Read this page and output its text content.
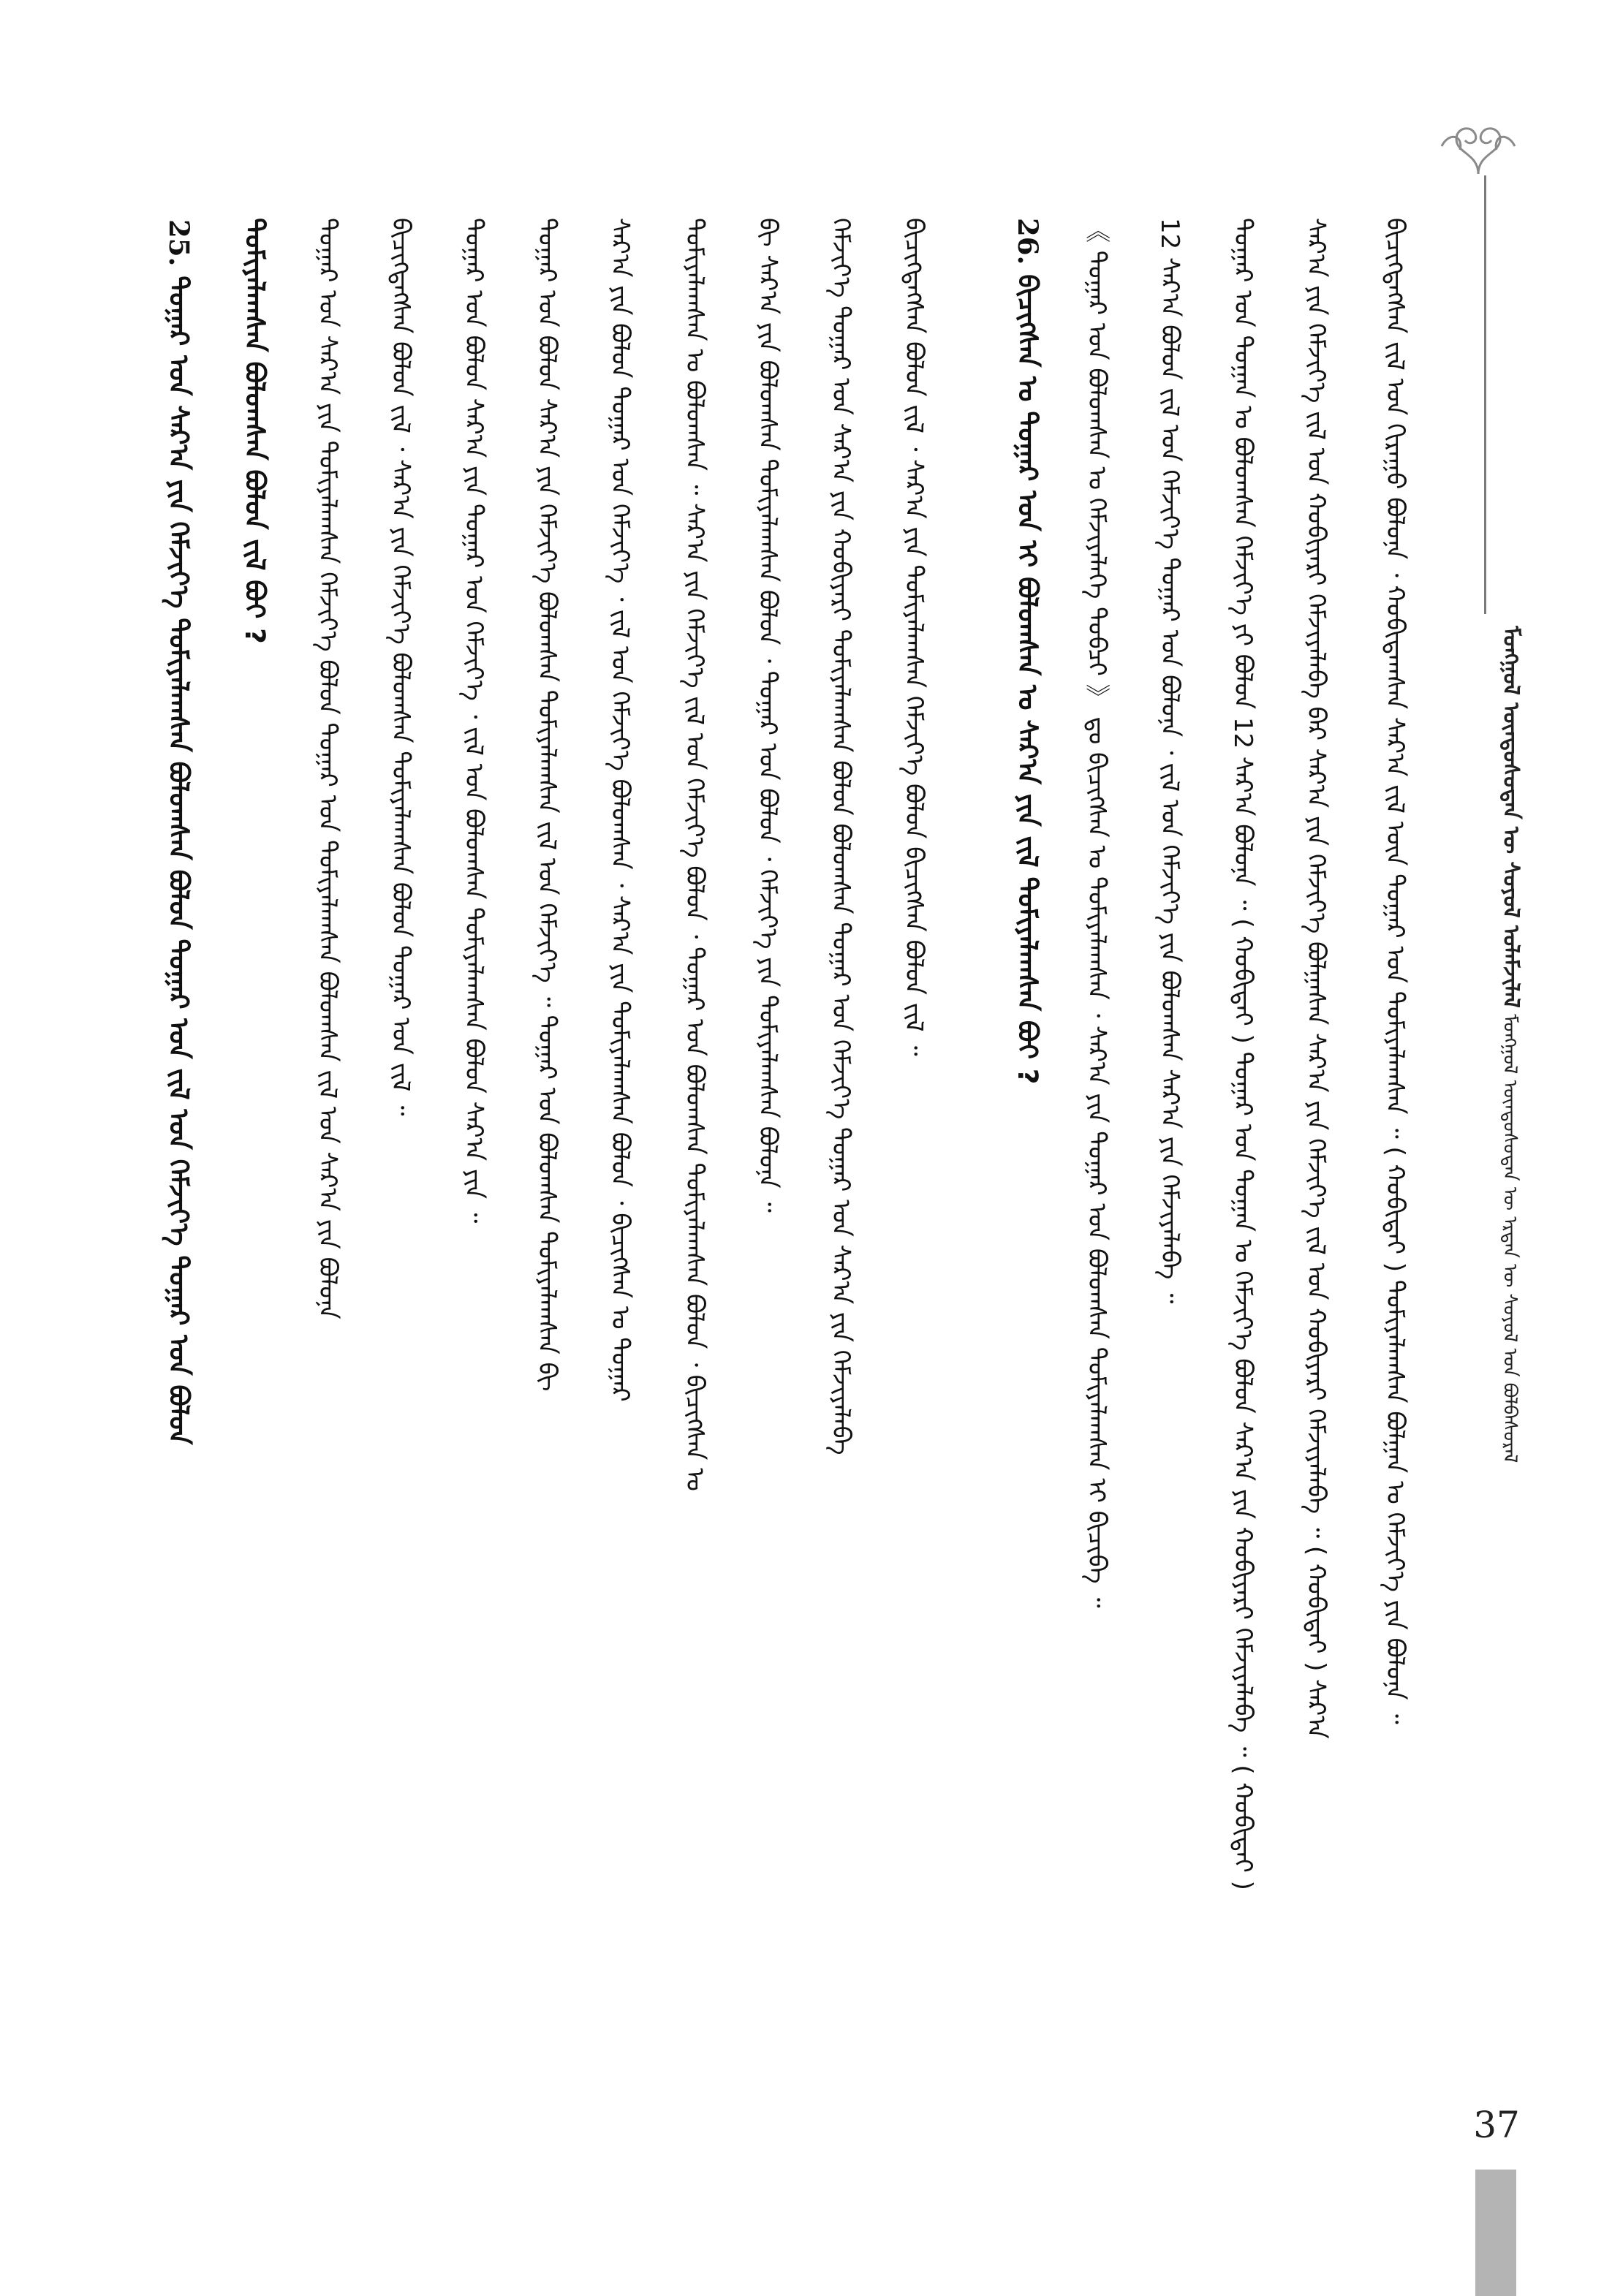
ᠮᠣᠩᠭᠣᠯ ᠦᠨᠳᠦᠰᠦᠲᠡᠨ ᠦ ᠰᠣᠶᠣᠯ ᠤᠯᠠᠮᠵᠢᠯᠠᠯ ᠮᠣᠩᠭᠣᠯ ᠦᠨᠳᠦᠰᠦᠲᠡᠨ ᠦ ᠡᠷᠲᠡᠨ ᠦ ᠰᠣᠶᠣᠯ ᠤᠨ ᠪᠣᠯᠪᠠᠰᠤᠷᠠᠯ
ᠪᠢᠴᠢᠭᠳᠡᠭᠰᠡᠨ ᠵᠢᠯ ᠤᠨ ᠬᠢᠷᠠᠭᠤ ᠪᠣᠯᠤᠨᠠ ᠂ ᠬᠣᠪᠢᠲᠠᠭᠰᠠᠨ ᠰᠠᠷ᠎ᠠ ᠵᠢᠯ ᠦᠨ ᠲᠤᠭᠠᠷ ᠤᠨ ᠲᠣᠮᠢᠶᠠᠯᠠᠭᠰᠠᠨ ᠃ ( ᠬᠣᠪᠢᠲᠠᠢ ) ᠲᠣᠮᠢᠶᠠᠯᠠᠭᠰᠠᠨ ᠪᠣᠯᠭᠠᠨ ᠤ ᠬᠡᠮᠵᠢᠶ᠎ᠡ ᠶᠢᠨ ᠪᠣᠯᠤᠨᠠ ᠃
ᠰᠠᠷ᠎ᠠ ᠶᠢᠨ ᠬᠡᠮᠵᠢᠶ᠎ᠡ ᠵᠢᠯ ᠤᠨ ᠬᠤᠪᠢᠶᠠᠷᠢ ᠬᠡᠮᠵᠢᠶᠡᠯᠡᠪᠡ ᠪᠠᠷ ᠰᠠᠷ᠎ᠠ ᠶᠢᠨ ᠬᠡᠮᠵᠢᠶ᠎ᠡ ᠪᠣᠯᠭᠠᠰᠠᠨ ᠰᠠᠷ᠎ᠠ ᠶᠢᠨ ᠬᠡᠮᠵᠢᠶ᠎ᠡ ᠵᠢᠯ ᠤᠨ ᠬᠤᠪᠢᠶᠠᠷᠢ ᠬᠡᠮᠵᠢᠶᠡᠯᠡᠪᠡ ᠃ ( ᠬᠣᠪᠢᠲᠠᠢ ) ᠰᠠᠷ᠎ᠠ
ᠲᠤᠭᠠᠷ ᠤᠨ ᠲᠣᠭᠠᠨ ᠤ ᠪᠣᠯᠤᠭᠰᠠᠨ ᠬᠡᠮᠵᠢᠶ᠎ᠡ ᠶᠢ ᠪᠣᠯᠤᠨ 12 ᠰᠠᠷ᠎ᠠ ᠪᠣᠯᠤᠨᠠ ᠃ ( ᠬᠣᠪᠢᠲᠠᠢ ) ᠲᠤᠭᠠᠷ ᠤᠨ ᠲᠣᠭᠠᠨ ᠤ ᠬᠡᠮᠵᠢᠶ᠎ᠡ ᠪᠣᠯᠤᠨ ᠰᠠᠷ᠎ᠠ ᠶᠢᠨ ᠬᠤᠪᠢᠶᠠᠷᠢ ᠬᠡᠮᠵᠢᠶᠡᠯᠡᠪᠡ ᠃ ( ᠬᠣᠪᠢᠲᠠᠢ )
12 ᠰᠠᠷ᠎ᠠ ᠪᠣᠯᠤᠨ ᠵᠢᠯ ᠤᠨ ᠬᠡᠮᠵᠢᠶ᠎ᠡ ᠲᠤᠭᠠᠷ ᠤᠨ ᠪᠣᠯᠤᠨᠠ ᠂ ᠵᠢᠯ ᠤᠨ ᠬᠡᠮᠵᠢᠶ᠎ᠡ ᠶᠢᠨ ᠪᠣᠯᠤᠭᠰᠠᠨ ᠰᠠᠷ᠎ᠠ ᠶᠢᠨ ᠬᠡᠮᠵᠢᠶᠡᠯᠡᠪᠡ ᠃
《 ᠲᠤᠭᠠᠷ ᠤᠨ ᠪᠣᠯᠤᠭᠰᠠᠨ ᠤ ᠬᠡᠮᠵᠢᠶᠡᠯᠡᠭᠡ ᠲᠣᠪᠴᠢ 》 ᠳᠤ ᠪᠢᠴᠢᠭᠰᠡᠨ ᠤ ᠲᠣᠮᠢᠶᠠᠯᠠᠭᠰᠠᠨ ᠂ ᠰᠠᠷ᠎ᠠ ᠶᠢᠨ ᠲᠤᠭᠠᠷ ᠤᠨ ᠪᠣᠯᠤᠭᠰᠠᠨ ᠲᠣᠮᠢᠶᠠᠯᠠᠭᠰᠠᠨ ᠢ ᠪᠢᠴᠢᠪᠡ ᠃
26. ᠪᠢᠴᠢᠭᠰᠡᠨ ᠤ ᠲᠤᠭᠠᠷ ᠤᠨ ᠢ ᠪᠣᠯᠤᠭᠰᠠᠨ ᠤ ᠰᠠᠷ᠎ᠠ ᠶᠢᠨ ᠵᠢᠯ ᠲᠣᠮᠢᠶᠠᠯᠠᠭᠰᠠᠨ ᠪᠣᠢ ?
ᠪᠢᠴᠢᠭᠳᠡᠭᠰᠡᠨ ᠪᠣᠯᠤᠨ ᠵᠢᠯ ᠂ ᠰᠠᠷ᠎ᠠ ᠶᠢᠨ ᠲᠣᠮᠢᠶᠠᠯᠠᠭᠰᠠᠨ ᠬᠡᠮᠵᠢᠶ᠎ᠡ ᠪᠣᠯᠤᠨ ᠪᠢᠴᠢᠭᠰᠡᠨ ᠪᠣᠯᠤᠨ ᠵᠢᠯ ᠃
ᠬᠡᠮᠵᠢᠶ᠎ᠡ ᠲᠤᠭᠠᠷ ᠤᠨ ᠰᠠᠷ᠎ᠠ ᠶᠢᠨ ᠬᠤᠪᠢᠶᠠᠷᠢ ᠲᠣᠮᠢᠶᠠᠯᠠᠭᠰᠠᠨ ᠪᠣᠯᠤᠨ ᠪᠣᠯᠤᠭᠰᠠᠨ ᠲᠤᠭᠠᠷ ᠤᠨ ᠬᠡᠮᠵᠢᠶ᠎ᠡ ᠲᠤᠭᠠᠷ ᠤᠨ ᠰᠠᠷ᠎ᠠ ᠶᠢᠨ ᠬᠡᠮᠵᠢᠶᠡᠯᠡᠪᠡ
ᠪᠢ ᠰᠠᠷ᠎ᠠ ᠶᠢᠨ ᠪᠣᠯᠤᠭᠰᠠᠨ ᠲᠣᠮᠢᠶᠠᠯᠠᠭᠰᠠᠨ ᠪᠣᠯᠤᠨ ᠂ ᠲᠤᠭᠠᠷ ᠤᠨ ᠪᠣᠯᠤᠨ ᠂ ᠬᠡᠮᠵᠢᠶ᠎ᠡ ᠶᠢᠨ ᠲᠣᠮᠢᠶᠠᠯᠠᠭᠰᠠᠨ ᠪᠣᠯᠤᠨᠠ ᠃
ᠲᠣᠮᠢᠶᠠᠯᠠᠭᠰᠠᠨ ᠤ ᠪᠣᠯᠤᠭᠰᠠᠨ ᠃ ᠰᠠᠷ᠎ᠠ ᠶᠢᠨ ᠬᠡᠮᠵᠢᠶ᠎ᠡ ᠵᠢᠯ ᠤᠨ ᠬᠡᠮᠵᠢᠶ᠎ᠡ ᠪᠣᠯᠤᠨ ᠂ ᠲᠤᠭᠠᠷ ᠤᠨ ᠪᠣᠯᠤᠭᠰᠠᠨ ᠲᠣᠮᠢᠶᠠᠯᠠᠭᠰᠠᠨ ᠪᠣᠯᠤᠨ ᠂ ᠪᠢᠴᠢᠭᠰᠡᠨ ᠤ
ᠰᠠᠷ᠎ᠠ ᠶᠢᠨ ᠪᠣᠯᠤᠨ ᠲᠤᠭᠠᠷ ᠤᠨ ᠬᠡᠮᠵᠢᠶ᠎ᠡ ᠂ ᠵᠢᠯ ᠤᠨ ᠬᠡᠮᠵᠢᠶ᠎ᠡ ᠪᠣᠯᠤᠭᠰᠠᠨ ᠂ ᠰᠠᠷ᠎ᠠ ᠶᠢᠨ ᠲᠣᠮᠢᠶᠠᠯᠠᠭᠰᠠᠨ ᠪᠣᠯᠤᠨ ᠂ ᠪᠢᠴᠢᠭᠰᠡᠨ ᠤ ᠲᠤᠭᠠᠷ
ᠲᠤᠭᠠᠷ ᠤᠨ ᠪᠣᠯᠤᠨ ᠰᠠᠷ᠎ᠠ ᠶᠢᠨ ᠬᠡᠮᠵᠢᠶ᠎ᠡ ᠪᠣᠯᠤᠭᠰᠠᠨ ᠲᠣᠮᠢᠶᠠᠯᠠᠭᠰᠠᠨ ᠵᠢᠯ ᠤᠨ ᠬᠡᠮᠵᠢᠶ᠎ᠡ ᠃ ᠲᠤᠭᠠᠷ ᠤᠨ ᠪᠣᠯᠤᠭᠰᠠᠨ ᠲᠣᠮᠢᠶᠠᠯᠠᠭᠰᠠᠨ ᠪᠢ
ᠲᠤᠭᠠᠷ ᠤᠨ ᠪᠣᠯᠤᠨ ᠰᠠᠷ᠎ᠠ ᠶᠢᠨ ᠲᠤᠭᠠᠷ ᠤᠨ ᠬᠡᠮᠵᠢᠶ᠎ᠡ ᠂ ᠵᠢᠯ ᠤᠨ ᠪᠣᠯᠤᠭᠰᠠᠨ ᠲᠣᠮᠢᠶᠠᠯᠠᠭᠰᠠᠨ ᠪᠣᠯᠤᠨ ᠰᠠᠷ᠎ᠠ ᠶᠢᠨ ᠃
ᠪᠢᠴᠢᠭᠳᠡᠭᠰᠡᠨ ᠪᠣᠯᠤᠨ ᠵᠢᠯ ᠂ ᠰᠠᠷ᠎ᠠ ᠶᠢᠨ ᠬᠡᠮᠵᠢᠶ᠎ᠡ ᠪᠣᠯᠤᠭᠰᠠᠨ ᠲᠣᠮᠢᠶᠠᠯᠠᠭᠰᠠᠨ ᠪᠣᠯᠤᠨ ᠲᠤᠭᠠᠷ ᠤᠨ ᠵᠢᠯ ᠃
ᠲᠤᠭᠠᠷ ᠤᠨ ᠰᠠᠷ᠎ᠠ ᠶᠢᠨ ᠲᠣᠮᠢᠶᠠᠯᠠᠭᠰᠠᠨ ᠬᠡᠮᠵᠢᠶ᠎ᠡ ᠪᠣᠯᠤᠨ ᠲᠤᠭᠠᠷ ᠤᠨ ᠲᠣᠮᠢᠶᠠᠯᠠᠭᠰᠠᠨ ᠪᠣᠯᠤᠭᠰᠠᠨ ᠵᠢᠯ ᠤᠨ ᠰᠠᠷ᠎ᠠ ᠶᠢᠨ ᠪᠣᠯᠤᠨᠠ
ᠲᠣᠮᠢᠶᠠᠯᠠᠭᠰᠠᠨ ᠪᠣᠯᠤᠭᠰᠠᠨ ᠪᠣᠯᠤᠨ ᠵᠢᠯ ᠪᠣᠢ ?
25. ᠲᠤᠭᠠᠷ ᠤᠨ ᠰᠠᠷ᠎ᠠ ᠶᠢᠨ ᠬᠡᠮᠵᠢᠶ᠎ᠡ ᠲᠣᠮᠢᠶᠠᠯᠠᠭᠰᠠᠨ ᠪᠣᠯᠤᠭᠰᠠᠨ ᠪᠣᠯᠤᠨ ᠲᠤᠭᠠᠷ ᠤᠨ ᠵᠢᠯ ᠤᠨ ᠬᠡᠮᠵᠢᠶ᠎ᠡ ᠲᠤᠭᠠᠷ ᠤᠨ ᠪᠣᠯᠤᠨ
37
